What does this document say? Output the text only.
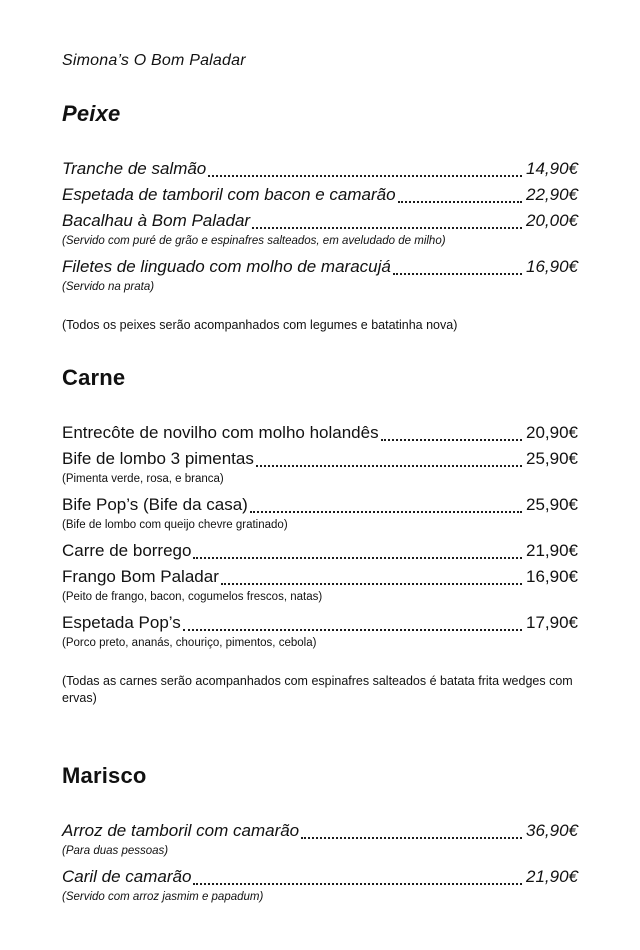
Simona’s O Bom Paladar

Peixe
Tranche de salmão	14,90€
Espetada de tamboril com bacon e camarão	22,90€
Bacalhau à Bom Paladar	20,00€
(Servido com puré de grão e espinafres salteados, em aveludado de milho)
Filetes de linguado com molho de maracujá	16,90€
(Servido na prata)

(Todos os peixes serão acompanhados com legumes e batatinha nova)

Carne
Entrecôte de novilho com molho holandês	20,90€
Bife de lombo 3 pimentas	25,90€
(Pimenta verde, rosa, e branca)
Bife Pop’s (Bife da casa)	25,90€
(Bife de lombo com queijo chevre gratinado)
Carre de borrego	21,90€
Frango Bom Paladar	16,90€
(Peito de frango, bacon, cogumelos frescos, natas)
Espetada Pop’s	17,90€
(Porco preto, ananás, chouriço, pimentos, cebola)

(Todas as carnes serão acompanhados com espinafres salteados é batata frita wedges com ervas)

Marisco
Arroz de tamboril com camarão	36,90€
(Para duas pessoas)
Caril de camarão	21,90€
(Servido com arroz jasmim e papadum)
